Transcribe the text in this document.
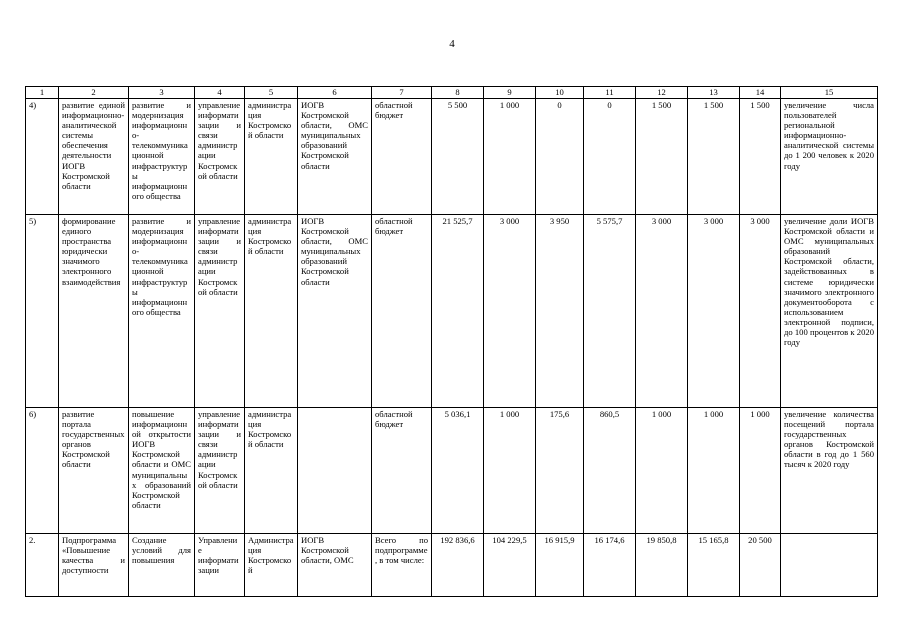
4
1	2	3	4	5	6	7	8	9	10	11	12	13	14	15
4)	развитие единой информационно-аналитической системы обеспечения деятельности ИОГВ Костромской области	развитие и модернизация информационно-телекоммуникационной инфраструктуры информационного общества	управление информатизации и связи администрации Костромской области	администрация Костромской области	ИОГВ Костромской области, ОМС муниципальных образований Костромской области	областной бюджет	5 500	1 000	0	0	1 500	1 500	1 500	увеличение числа пользователей региональной информационно-аналитической системы до 1 200 человек к 2020 году
5)	формирование единого пространства юридически значимого электронного взаимодействия	развитие и модернизация информационно-телекоммуникационной инфраструктуры информационного общества	управление информатизации и связи администрации Костромской области	администрация Костромской области	ИОГВ Костромской области, ОМС муниципальных образований Костромской области	областной бюджет	21 525,7	3 000	3 950	5 575,7	3 000	3 000	3 000	увеличение доли ИОГВ Костромской области и ОМС муниципальных образований Костромской области, задействованных в системе юридически значимого электронного документооборота с использованием электронной подписи, до 100 процентов к 2020 году
6)	развитие портала государственных органов Костромской области	повышение информационной открытости ИОГВ Костромской области и ОМС муниципальных образований Костромской области	управление информатизации и связи администрации Костромской области	администрация Костромской области		областной бюджет	5 036,1	1 000	175,6	860,5	1 000	1 000	1 000	увеличение количества посещений портала государственных органов Костромской области в год до 1 560 тысяч к 2020 году
2.	Подпрограмма «Повышение качества и доступности	Создание условий для повышения	Управление информатизации	Администрация Костромской	ИОГВ Костромской области, ОМС	Всего по подпрограмме, в том числе:	192 836,6	104 229,5	16 915,9	16 174,6	19 850,8	15 165,8	20 500	
